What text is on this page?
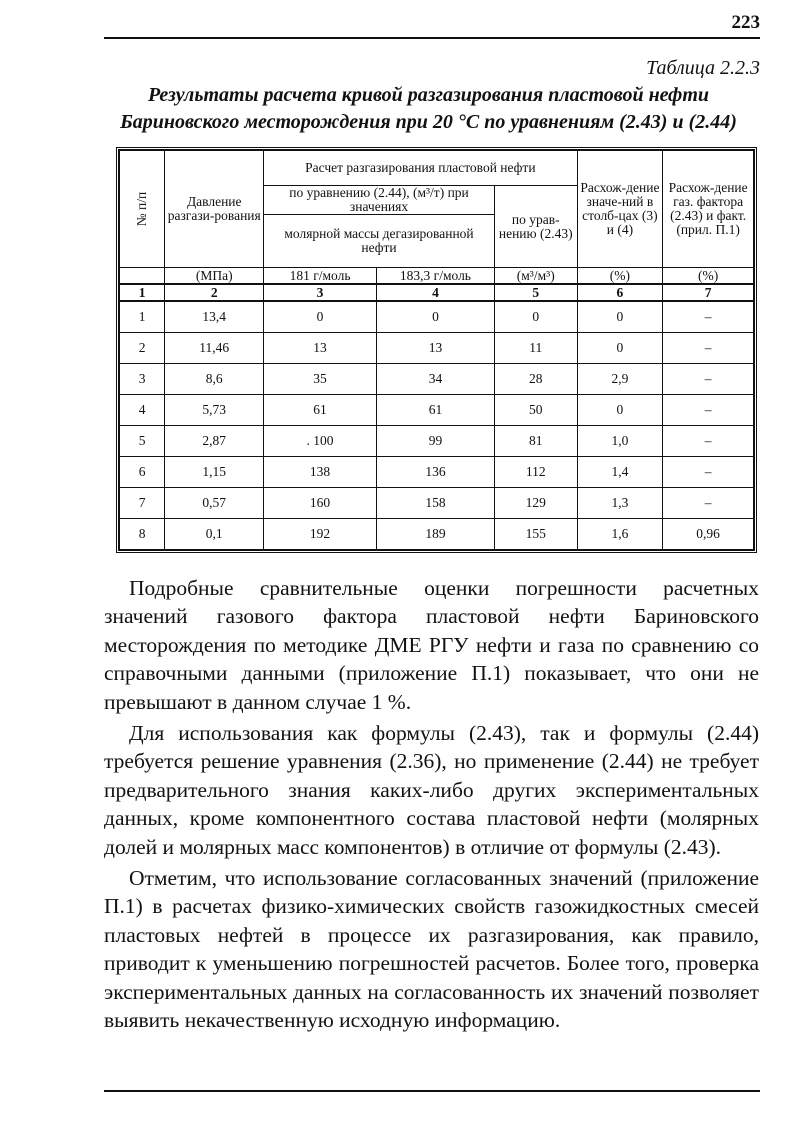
223
Таблица 2.2.3
Результаты расчета кривой разгазирования пластовой нефти Бариновского месторождения при 20 °С по уравнениям (2.43) и (2.44)
№ п/п	Давление разгази-рования	Расчет разгазирования пластовой нефти			Расхож-дение значе-ний в столб-цах (3) и (4)	Расхож-дение газ. фактора (2.43) и факт. (прил. П.1)
		по уравнению (2.44), (м³/т) при значениях		по урав-нению (2.43)		
		молярной массы дегазированной нефти				
	(МПа)	181 г/моль	183,3 г/моль	(м³/м³)	(%)	(%)
1	2	3	4	5	6	7
1	13,4	0	0	0	0	–
2	11,46	13	13	11	0	–
3	8,6	35	34	28	2,9	–
4	5,73	61	61	50	0	–
5	2,87	. 100	99	81	1,0	–
6	1,15	138	136	112	1,4	–
7	0,57	160	158	129	1,3	–
8	0,1	192	189	155	1,6	0,96

Подробные сравнительные оценки погрешности расчетных значений газового фактора пластовой нефти Бариновского месторождения по методике ДМЕ РГУ нефти и газа по сравнению со справочными данными (приложение П.1) показывает, что они не превышают в данном случае 1 %.

Для использования как формулы (2.43), так и формулы (2.44) требуется решение уравнения (2.36), но применение (2.44) не требует предварительного знания каких-либо других экспериментальных данных, кроме компонентного состава пластовой нефти (молярных долей и молярных масс компонентов) в отличие от формулы (2.43).

Отметим, что использование согласованных значений (приложение П.1) в расчетах физико-химических свойств газожидкостных смесей пластовых нефтей в процессе их разгазирования, как правило, приводит к уменьшению погрешностей расчетов. Более того, проверка экспериментальных данных на согласованность их значений позволяет выявить некачественную исходную информацию.
